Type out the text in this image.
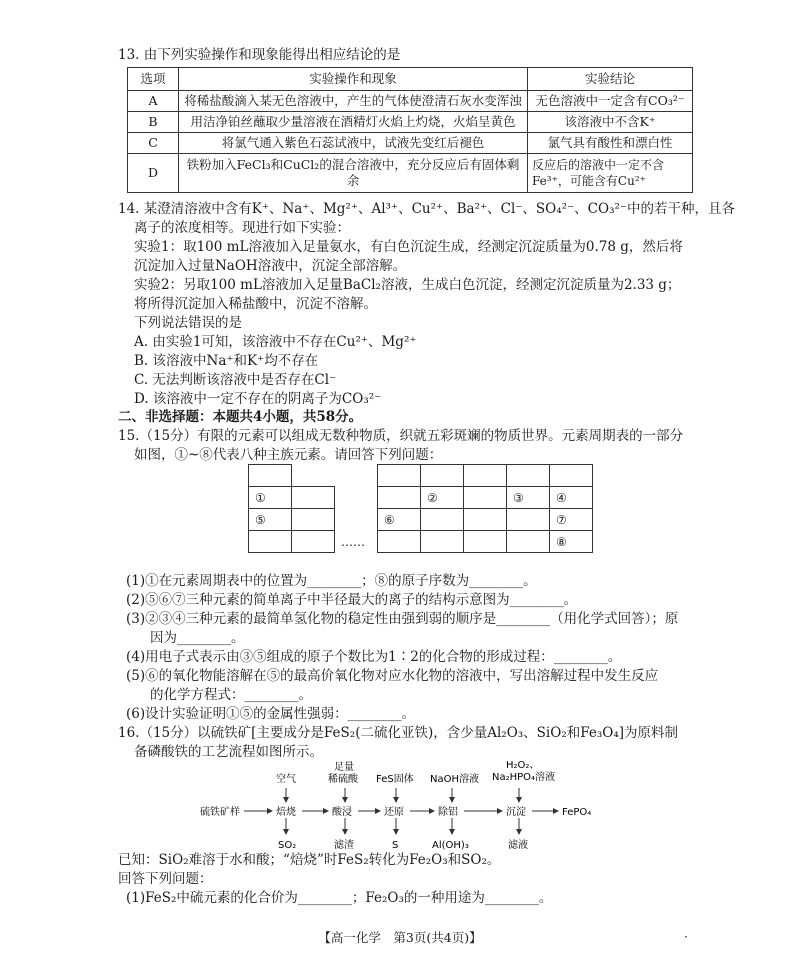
13. 由下列实验操作和现象能得出相应结论的是
选项	实验操作和现象	实验结论
A	将稀盐酸滴入某无色溶液中，产生的气体使澄清石灰水变浑浊	无色溶液中一定含有CO₃²⁻
B	用洁净铂丝蘸取少量溶液在酒精灯火焰上灼烧，火焰呈黄色	该溶液中不含K⁺
C	将氯气通入紫色石蕊试液中，试液先变红后褪色	氯气具有酸性和漂白性
D	铁粉加入FeCl₃和CuCl₂的混合溶液中，充分反应后有固体剩余	反应后的溶液中一定不含Fe³⁺，可能含有Cu²⁺
14. 某澄清溶液中含有K⁺、Na⁺、Mg²⁺、Al³⁺、Cu²⁺、Ba²⁺、Cl⁻、SO₄²⁻、CO₃²⁻中的若干种，且各
离子的浓度相等。现进行如下实验：
实验1：取100 mL溶液加入足量氨水，有白色沉淀生成，经测定沉淀质量为0.78 g，然后将
沉淀加入过量NaOH溶液中，沉淀全部溶解。
实验2：另取100 mL溶液加入足量BaCl₂溶液，生成白色沉淀，经测定沉淀质量为2.33 g；
将所得沉淀加入稀盐酸中，沉淀不溶解。
下列说法错误的是
A. 由实验1可知，该溶液中不存在Cu²⁺、Mg²⁺
B. 该溶液中Na⁺和K⁺均不存在
C. 无法判断该溶液中是否存在Cl⁻
D. 该溶液中一定不存在的阴离子为CO₃²⁻
二、非选择题：本题共4小题，共58分。
15.（15分）有限的元素可以组成无数种物质，织就五彩斑斓的物质世界。元素周期表的一部分
如图，①~⑧代表八种主族元素。请回答下列问题：

①				②		③	④
⑤			⑥				⑦
		……					⑧
(1)①在元素周期表中的位置为________；⑧的原子序数为________。
(2)⑤⑥⑦三种元素的简单离子中半径最大的离子的结构示意图为________。
(3)②③④三种元素的最简单氢化物的稳定性由强到弱的顺序是________（用化学式回答）；原
因为________。
(4)用电子式表示由③⑤组成的原子个数比为1∶2的化合物的形成过程：________。
(5)⑥的氧化物能溶解在⑤的最高价氧化物对应水化物的溶液中，写出溶解过程中发生反应
的化学方程式：________。
(6)设计实验证明①⑤的金属性强弱：________。
16.（15分）以硫铁矿[主要成分是FeS₂(二硫化亚铁)，含少量Al₂O₃、SiO₂和Fe₃O₄]为原料制
备磷酸铁的工艺流程如图所示。
硫铁矿样	焙烧	酸浸	还原	除铝	沉淀	FePO₄
空气
足量
稀硫酸 FeS固体 NaOH溶液
H₂O₂、
Na₂HPO₄溶液
SO₂	滤渣	S	Al(OH)₃	滤液
已知：SiO₂难溶于水和酸；“焙烧”时FeS₂转化为Fe₂O₃和SO₂。
回答下列问题：
(1)FeS₂中硫元素的化合价为________；Fe₂O₃的一种用途为________。
【高一化学　第3页(共4页)】	·
